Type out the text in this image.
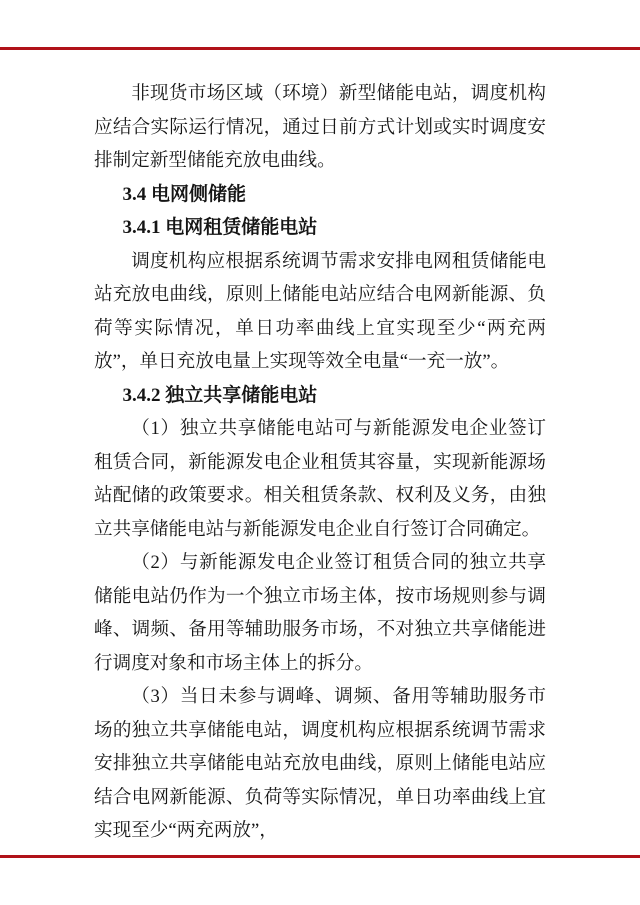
非现货市场区域（环境）新型储能电站，调度机构应结合实际运行情况，通过日前方式计划或实时调度安排制定新型储能充放电曲线。

3.4 电网侧储能
3.4.1 电网租赁储能电站

调度机构应根据系统调节需求安排电网租赁储能电站充放电曲线，原则上储能电站应结合电网新能源、负荷等实际情况，单日功率曲线上宜实现至少“两充两放”，单日充放电量上实现等效全电量“一充一放”。

3.4.2 独立共享储能电站

（1）独立共享储能电站可与新能源发电企业签订租赁合同，新能源发电企业租赁其容量，实现新能源场站配储的政策要求。相关租赁条款、权利及义务，由独立共享储能电站与新能源发电企业自行签订合同确定。

（2）与新能源发电企业签订租赁合同的独立共享储能电站仍作为一个独立市场主体，按市场规则参与调峰、调频、备用等辅助服务市场，不对独立共享储能进行调度对象和市场主体上的拆分。

（3）当日未参与调峰、调频、备用等辅助服务市场的独立共享储能电站，调度机构应根据系统调节需求安排独立共享储能电站充放电曲线，原则上储能电站应结合电网新能源、负荷等实际情况，单日功率曲线上宜实现至少“两充两放”，
